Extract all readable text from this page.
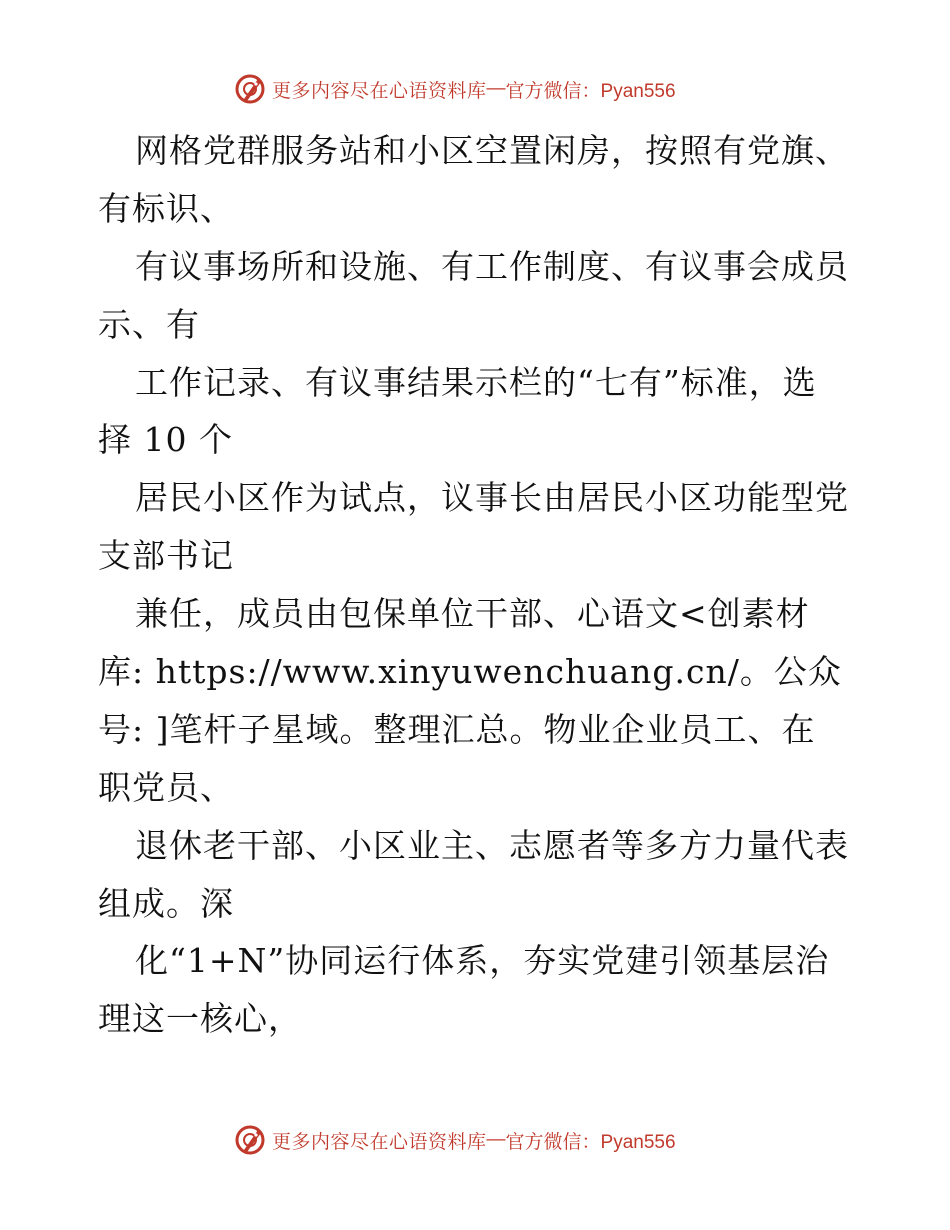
更多内容尽在心语资料库 — 官方微信：Pyan556
网格党群服务站和小区空置闲房，按照有党旗、
有标识、
有议事场所和设施、有工作制度、有议事会成员
示、有
工作记录、有议事结果示栏的“七有”标准，选
择 10 个
居民小区作为试点，议事长由居民小区功能型党
支部书记
兼任，成员由包保单位干部、心语文<创素材
库: https://www.xinyuwenchuang.cn/。公众
号: ]笔杆子星域。整理汇总。物业企业员工、在
职党员、
退休老干部、小区业主、志愿者等多方力量代表
组成。深
化“1+N”协同运行体系，夯实党建引领基层治
理这一核心，
更多内容尽在心语资料库 — 官方微信：Pyan556
